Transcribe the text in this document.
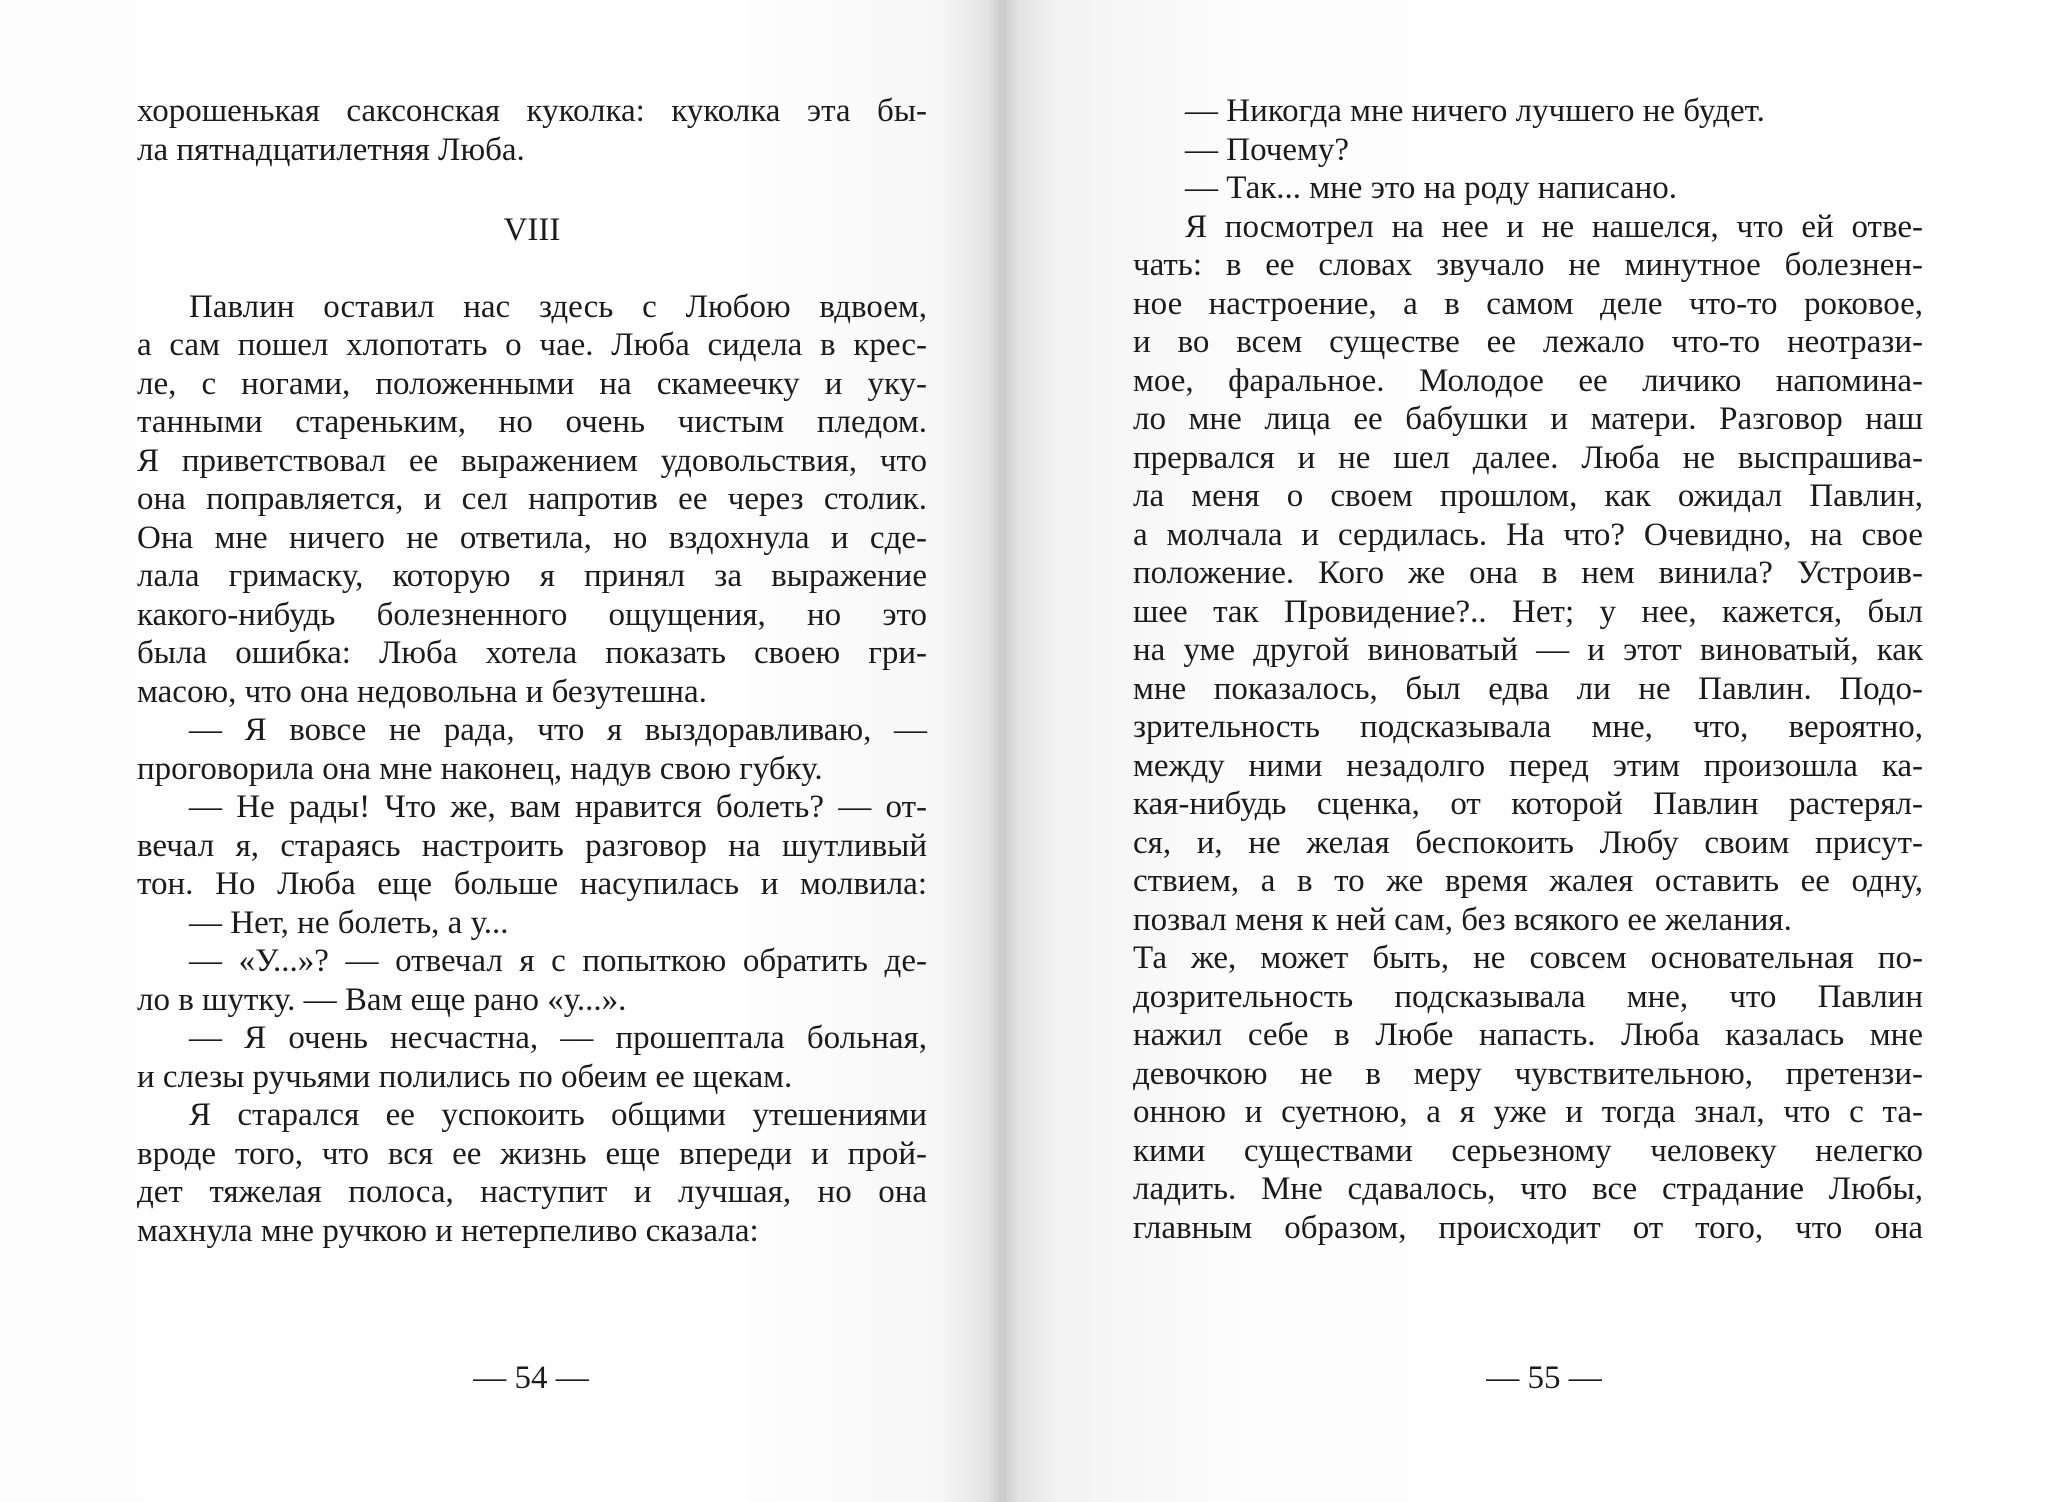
хорошенькая саксонская куколка: куколка эта бы-
ла пятнадцатилетняя Люба.
VIII
Павлин оставил нас здесь с Любою вдвоем,
а сам пошел хлопотать о чае. Люба сидела в крес-
ле, с ногами, положенными на скамеечку и уку-
танными стареньким, но очень чистым пледом.
Я приветствовал ее выражением удовольствия, что
она поправляется, и сел напротив ее через столик.
Она мне ничего не ответила, но вздохнула и сде-
лала гримаску, которую я принял за выражение
какого-нибудь болезненного ощущения, но это
была ошибка: Люба хотела показать своею гри-
масою, что она недовольна и безутешна.
— Я вовсе не рада, что я выздоравливаю, —
проговорила она мне наконец, надув свою губку.
— Не рады! Что же, вам нравится болеть? — от-
вечал я, стараясь настроить разговор на шутливый
тон. Но Люба еще больше насупилась и молвила:
— Нет, не болеть, а у...
— «У...»? — отвечал я с попыткою обратить де-
ло в шутку. — Вам еще рано «у...».
— Я очень несчастна, — прошептала больная,
и слезы ручьями полились по обеим ее щекам.
Я старался ее успокоить общими утешениями
вроде того, что вся ее жизнь еще впереди и прой-
дет тяжелая полоса, наступит и лучшая, но она
махнула мне ручкою и нетерпеливо сказала:
— Никогда мне ничего лучшего не будет.
— Почему?
— Так... мне это на роду написано.
Я посмотрел на нее и не нашелся, что ей отве-
чать: в ее словах звучало не минутное болезнен-
ное настроение, а в самом деле что-то роковое,
и во всем существе ее лежало что-то неотрази-
мое, фаральное. Молодое ее личико напомина-
ло мне лица ее бабушки и матери. Разговор наш
прервался и не шел далее. Люба не выспрашива-
ла меня о своем прошлом, как ожидал Павлин,
а молчала и сердилась. На что? Очевидно, на свое
положение. Кого же она в нем винила? Устроив-
шее так Провидение?.. Нет; у нее, кажется, был
на уме другой виноватый — и этот виноватый, как
мне показалось, был едва ли не Павлин. Подо-
зрительность подсказывала мне, что, вероятно,
между ними незадолго перед этим произошла ка-
кая-нибудь сценка, от которой Павлин растерял-
ся, и, не желая беспокоить Любу своим присут-
ствием, а в то же время жалея оставить ее одну,
позвал меня к ней сам, без всякого ее желания.
Та же, может быть, не совсем основательная по-
дозрительность подсказывала мне, что Павлин
нажил себе в Любе напасть. Люба казалась мне
девочкою не в меру чувствительною, претензи-
онною и суетною, а я уже и тогда знал, что с та-
кими существами серьезному человеку нелегко
ладить. Мне сдавалось, что все страдание Любы,
главным образом, происходит от того, что она
— 54 —	— 55 —
